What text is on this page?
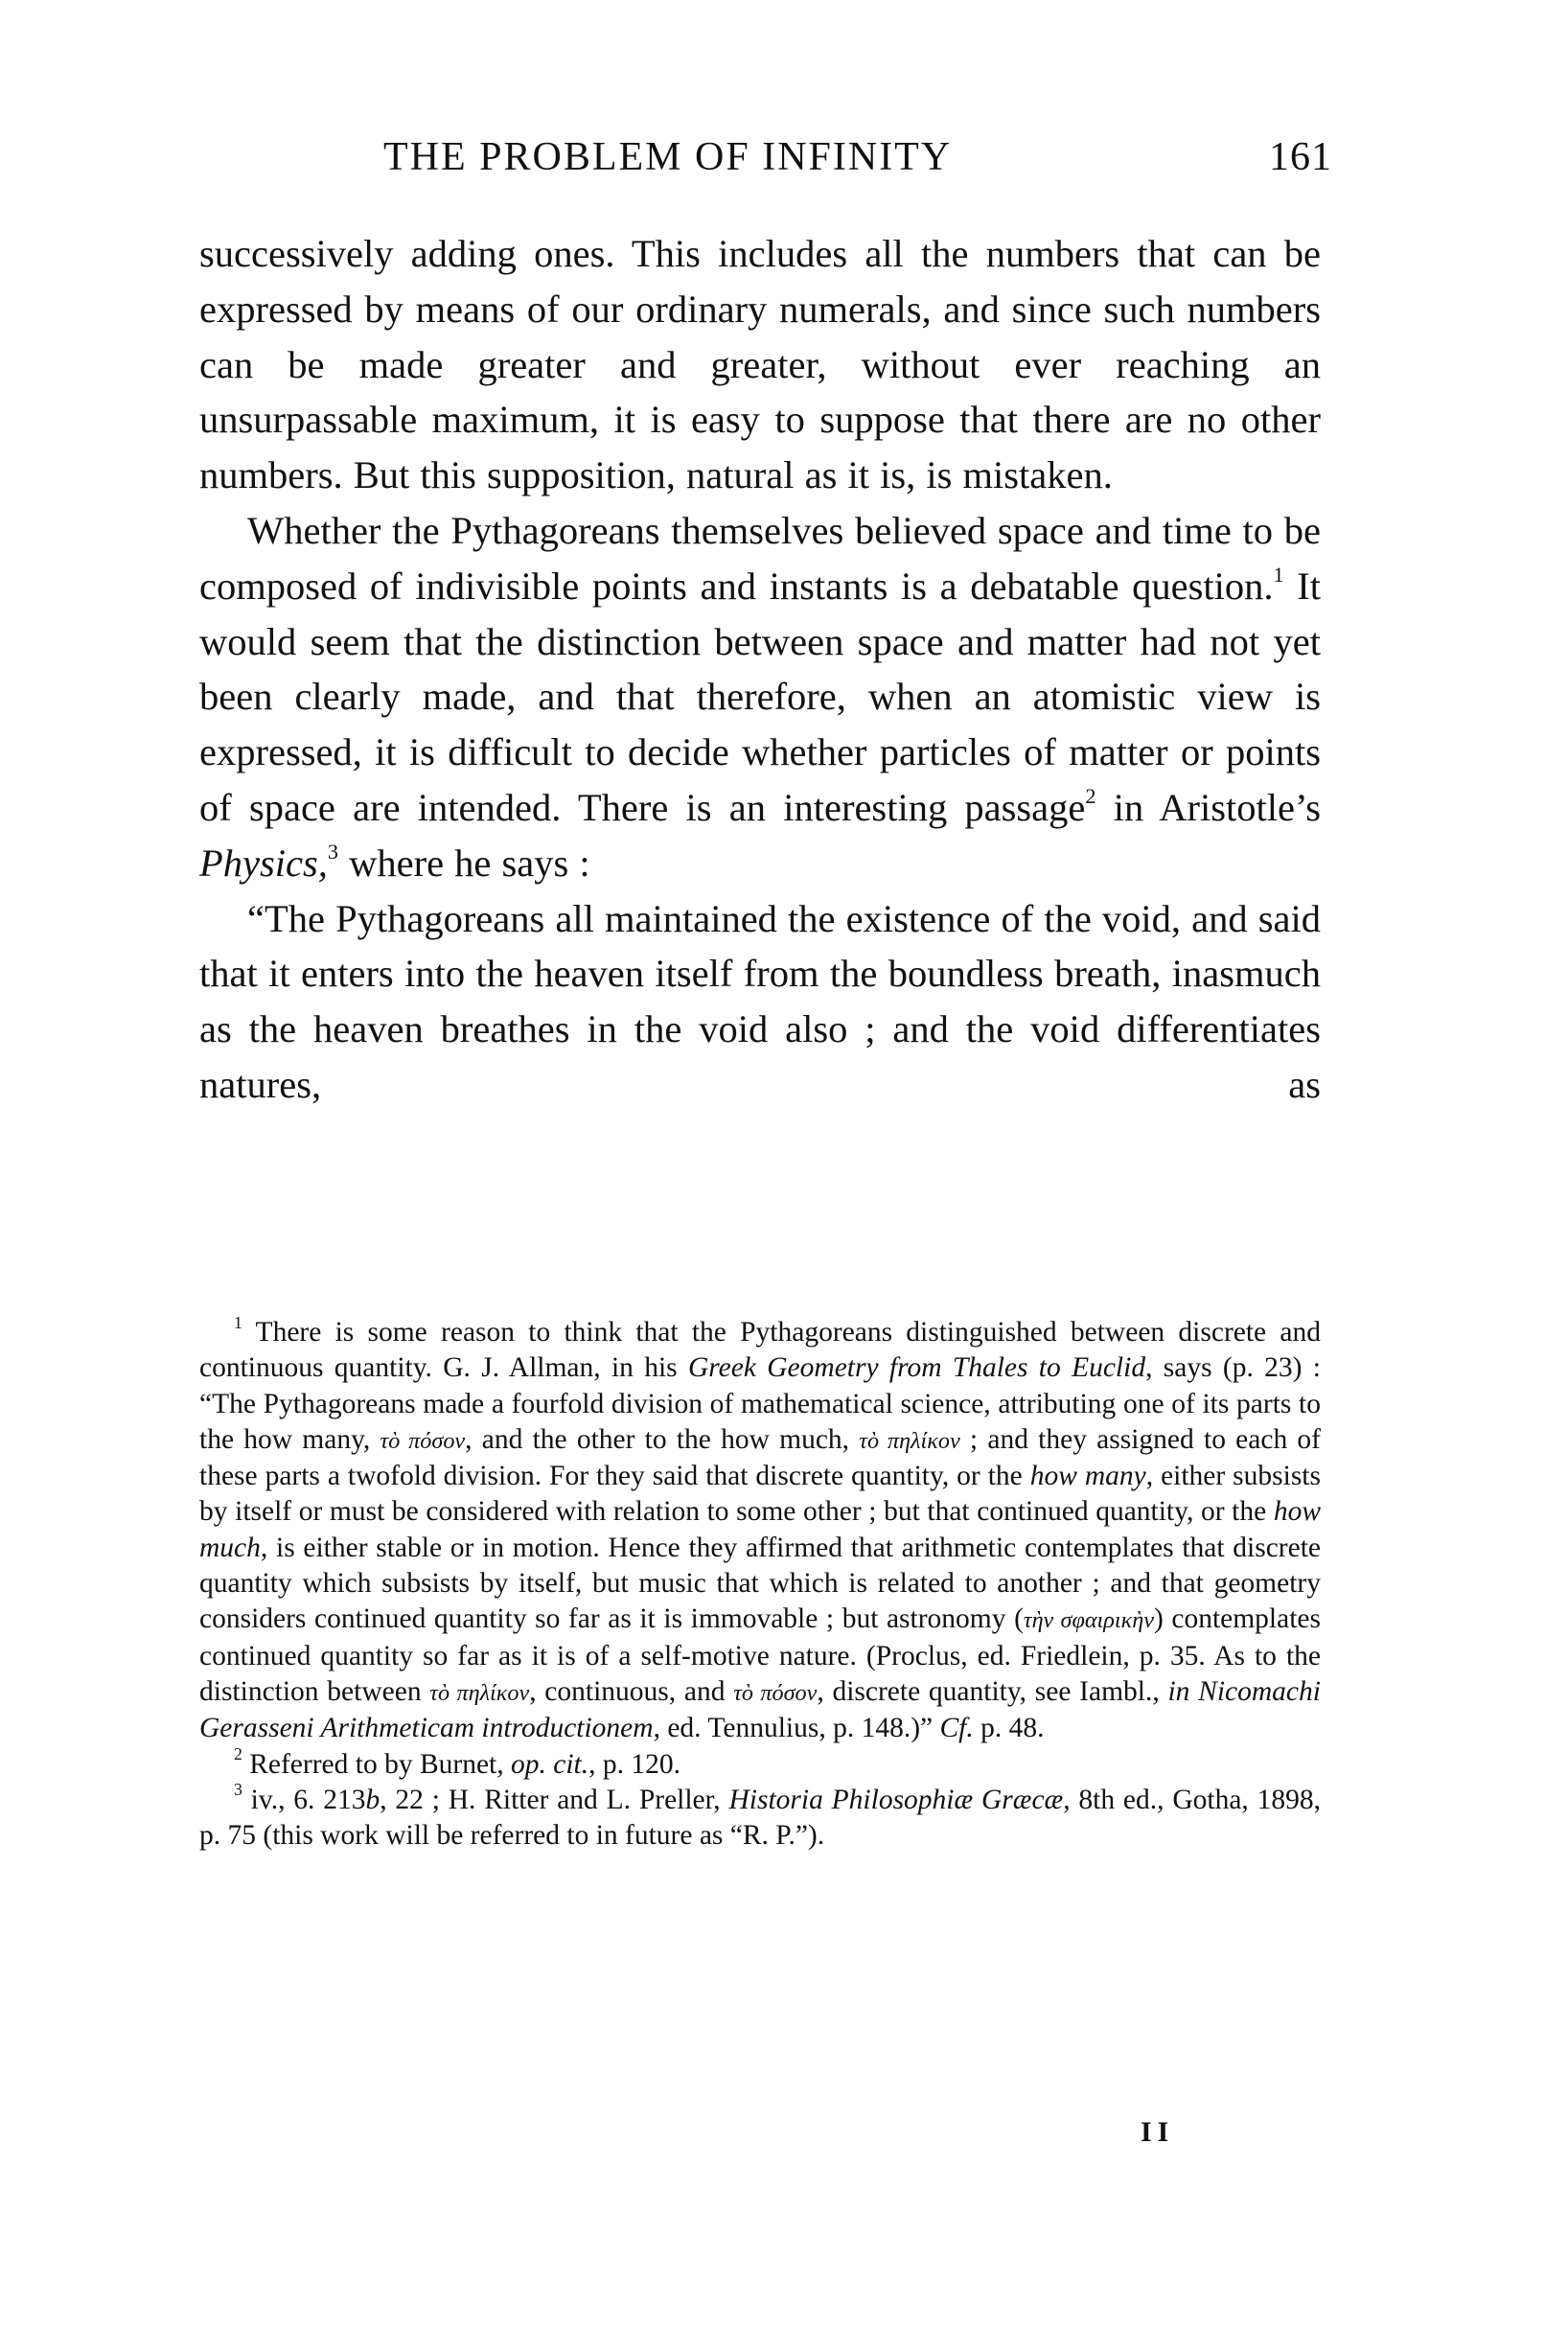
THE PROBLEM OF INFINITY	161

successively adding ones. This includes all the numbers that can be expressed by means of our ordinary numerals, and since such numbers can be made greater and greater, without ever reaching an unsurpassable maximum, it is easy to suppose that there are no other numbers. But this supposition, natural as it is, is mistaken.

Whether the Pythagoreans themselves believed space and time to be composed of indivisible points and instants is a debatable question.$^1$ It would seem that the distinction between space and matter had not yet been clearly made, and that therefore, when an atomistic view is expressed, it is difficult to decide whether particles of matter or points of space are intended. There is an interesting passage$^2$ in Aristotle’s Physics,$^3$ where he says :

“The Pythagoreans all maintained the existence of the void, and said that it enters into the heaven itself from the boundless breath, inasmuch as the heaven breathes in the void also ; and the void differentiates natures, as

$^1$ There is some reason to think that the Pythagoreans distinguished between discrete and continuous quantity. G. J. Allman, in his Greek Geometry from Thales to Euclid, says (p. 23) : “The Pythagoreans made a fourfold division of mathematical science, attributing one of its parts to the how many, τὸ πόσον, and the other to the how much, τὸ πηλίκον ; and they assigned to each of these parts a twofold division. For they said that discrete quantity, or the how many, either subsists by itself or must be considered with relation to some other ; but that continued quantity, or the how much, is either stable or in motion. Hence they affirmed that arithmetic contemplates that discrete quantity which subsists by itself, but music that which is related to another ; and that geometry considers continued quantity so far as it is immovable ; but astronomy (τὴν σφαιρικὴν) contemplates continued quantity so far as it is of a self-motive nature. (Proclus, ed. Friedlein, p. 35. As to the distinction between τὸ πηλίκον, continuous, and τὸ πόσον, discrete quantity, see Iambl., in Nicomachi Gerasseni Arithmeticam introductionem, ed. Tennulius, p. 148.)” Cf. p. 48.

$^2$ Referred to by Burnet, op. cit., p. 120.

$^3$ iv., 6. 213b, 22 ; H. Ritter and L. Preller, Historia Philosophiæ Græcæ, 8th ed., Gotha, 1898, p. 75 (this work will be referred to in future as “R. P.”).

II
